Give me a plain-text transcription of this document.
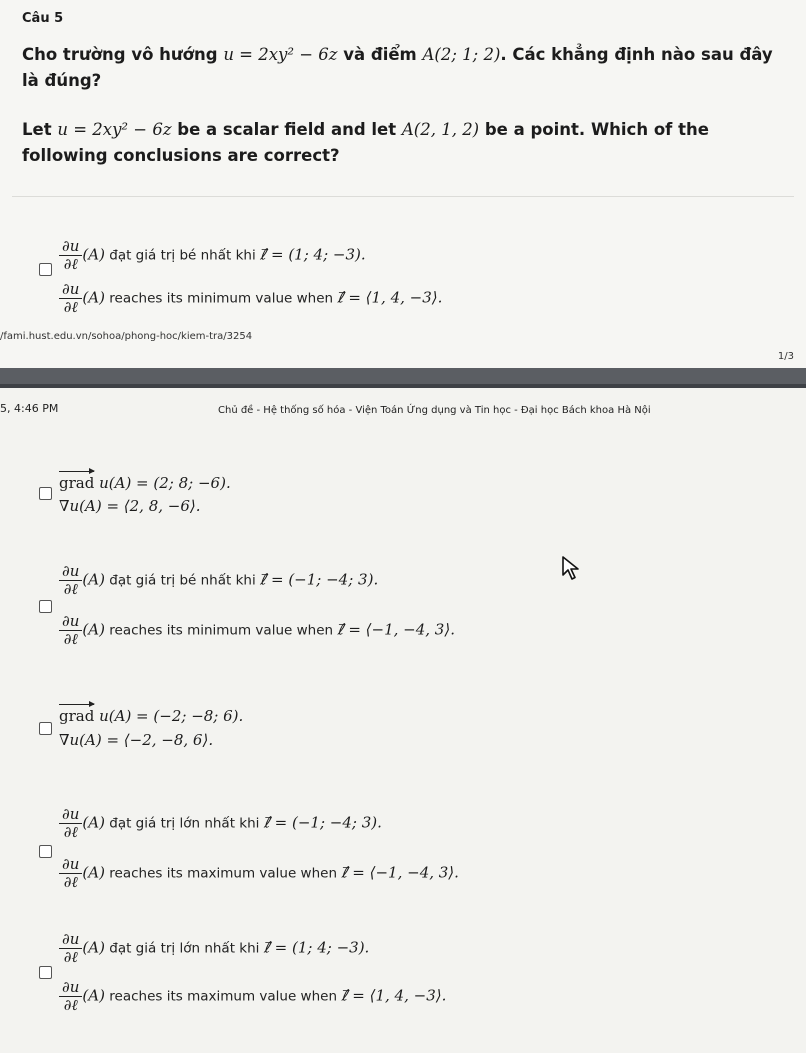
Câu 5
Cho trường vô hướng u = 2xy² − 6z và điểm A(2; 1; 2). Các khẳng định nào sau đây là đúng?
Let u = 2xy² − 6z be a scalar field and let A(2, 1, 2) be a point. Which of the following conclusions are correct?
$\frac{\partial u}{\text{∂ℓ}} (A)$ đạt giá trị bé nhất khi ℓ⃗ = (1; 4; −3).
$\frac{\partial u}{\text{∂ℓ}} (A)$ reaches its minimum value when ℓ⃗ = ⟨1, 4, −3⟩.
/fami.hust.edu.vn/sohoa/phong-hoc/kiem-tra/3254
1/3
5, 4:46 PM	Chủ đề - Hệ thống số hóa - Viện Toán Ứng dụng và Tin học - Đại học Bách khoa Hà Nội
grad u(A) = (2; 8; −6).
∇u(A) = ⟨2, 8, −6⟩.
$\frac{\partial u}{\text{∂ℓ}} (A)$ đạt giá trị bé nhất khi ℓ⃗ = (−1; −4; 3).
$\frac{\partial u}{\text{∂ℓ}} (A)$ reaches its minimum value when ℓ⃗ = ⟨−1, −4, 3⟩.
grad u(A) = (−2; −8; 6).
∇u(A) = ⟨−2, −8, 6⟩.
$\frac{\partial u}{\text{∂ℓ}} (A)$ đạt giá trị lớn nhất khi ℓ⃗ = (−1; −4; 3).
$\frac{\partial u}{\text{∂ℓ}} (A)$ reaches its maximum value when ℓ⃗ = ⟨−1, −4, 3⟩.
$\frac{\partial u}{\text{∂ℓ}} (A)$ đạt giá trị lớn nhất khi ℓ⃗ = (1; 4; −3).
$\frac{\partial u}{\text{∂ℓ}} (A)$ reaches its maximum value when ℓ⃗ = ⟨1, 4, −3⟩.
